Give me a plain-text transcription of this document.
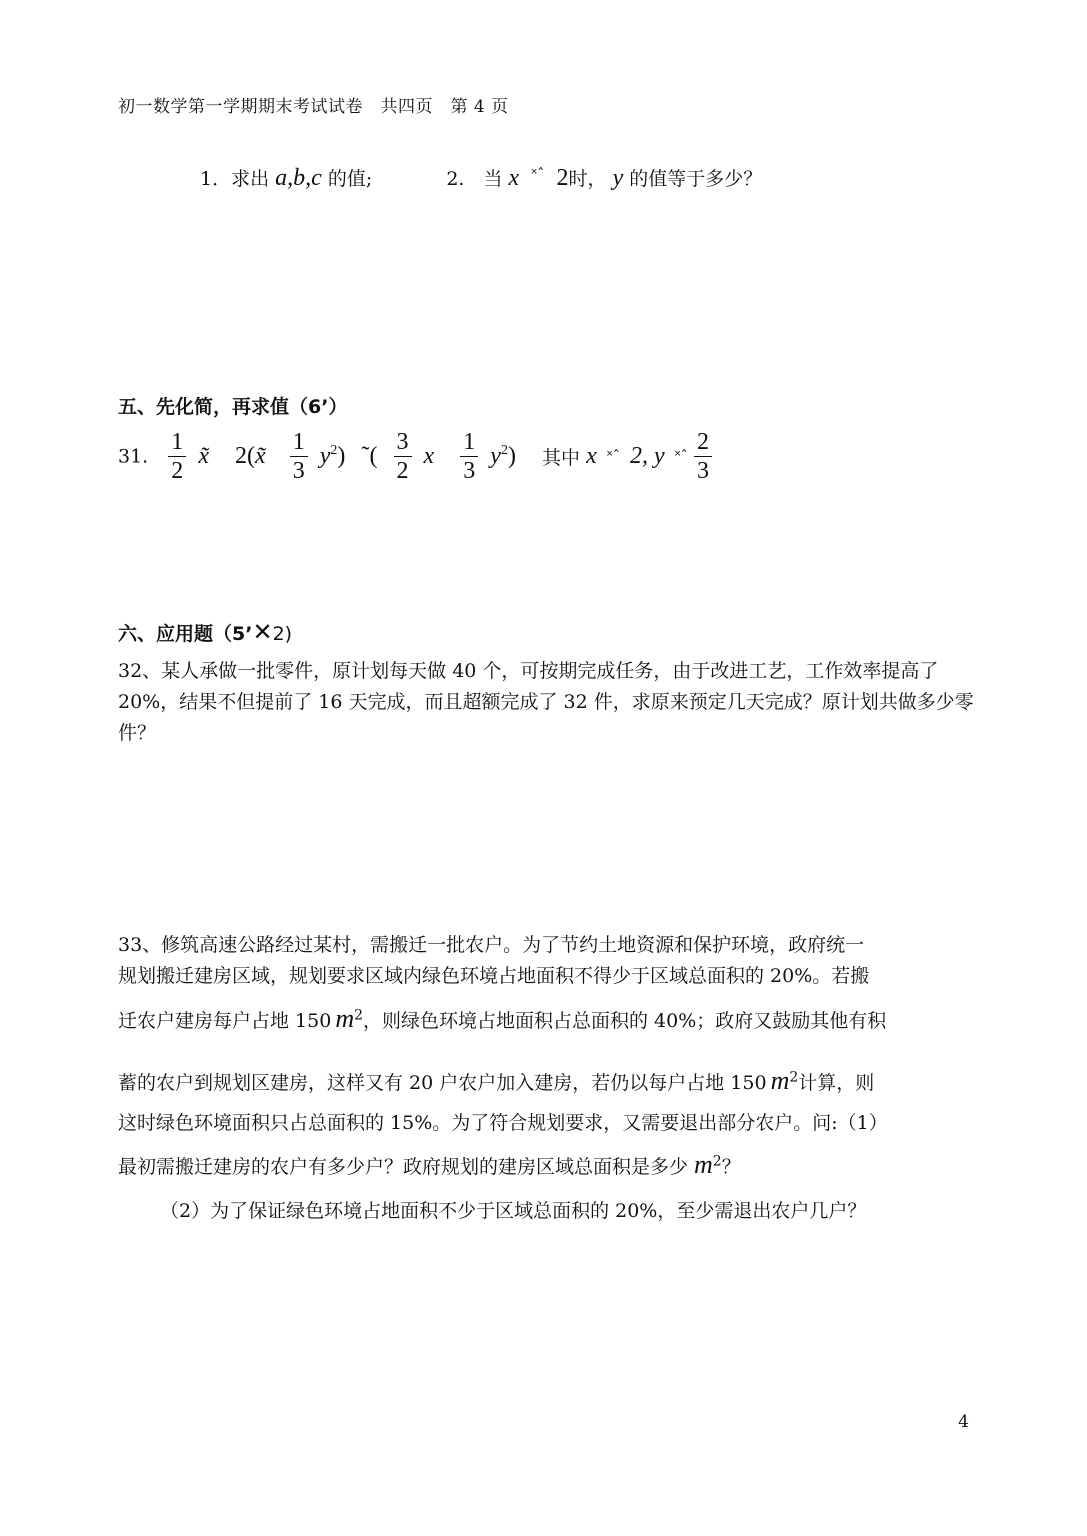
初一数学第一学期期末考试试卷　共四页　第 4 页
1．求出 a,b,c 的值;	2.　当 x $^{˟ˆ}$ 2时， y 的值等于多少？
五、先化简，再求值（6’）
31. $\frac{1}{2}$ x̃ 2(x̃ $\frac{1}{3} y^2$) ˜( $\frac{3}{2}$ x $\frac{1}{3} y^2$) 其中 x ˟ˆ 2, y ˟ˆ $\frac{2}{3}$
六、应用题（5’✕2)
32、某人承做一批零件，原计划每天做 40 个，可按期完成任务，由于改进工艺，工作效率提高了 20%，结果不但提前了 16 天完成，而且超额完成了 32 件，求原来预定几天完成？原计划共做多少零件？
33、修筑高速公路经过某村，需搬迁一批农户。为了节约土地资源和保护环境，政府统一
规划搬迁建房区域，规划要求区域内绿色环境占地面积不得少于区域总面积的 20%。若搬
迁农户建房每户占地 150 $m^2$，则绿色环境占地面积占总面积的 40%；政府又鼓励其他有积
蓄的农户到规划区建房，这样又有 20 户农户加入建房，若仍以每户占地 150 $m^2$计算，则
这时绿色环境面积只占总面积的 15%。为了符合规划要求，又需要退出部分农户。问:（1）
最初需搬迁建房的农户有多少户？政府规划的建房区域总面积是多少 $m^2$？
（2）为了保证绿色环境占地面积不少于区域总面积的 20%，至少需退出农户几户？
4
